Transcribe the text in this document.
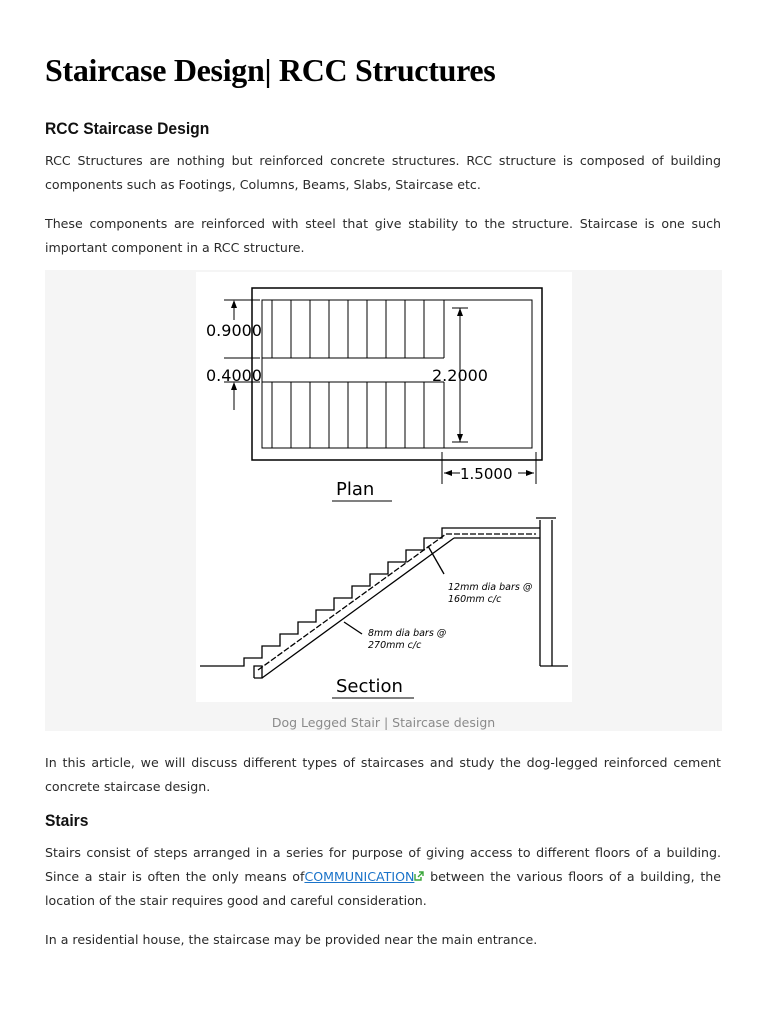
Staircase Design| RCC Structures
RCC Staircase Design

RCC Structures are nothing but reinforced concrete structures. RCC structure is composed of building components such as Footings, Columns, Beams, Slabs, Staircase etc.

These components are reinforced with steel that give stability to the structure. Staircase is one such important component in a RCC structure.

0.9000
0.4000	2.2000
1.5000
Plan
12mm dia bars @
160mm c/c
8mm dia bars @
270mm c/c
Section
Dog Legged Stair | Staircase design

In this article, we will discuss different types of staircases and study the dog-legged reinforced cement concrete staircase design.

Stairs

Stairs consist of steps arranged in a series for purpose of giving access to different floors of a building. Since a stair is often the only means ofCOMMUNICATION between the various floors of a building, the location of the stair requires good and careful consideration.

In a residential house, the staircase may be provided near the main entrance.
